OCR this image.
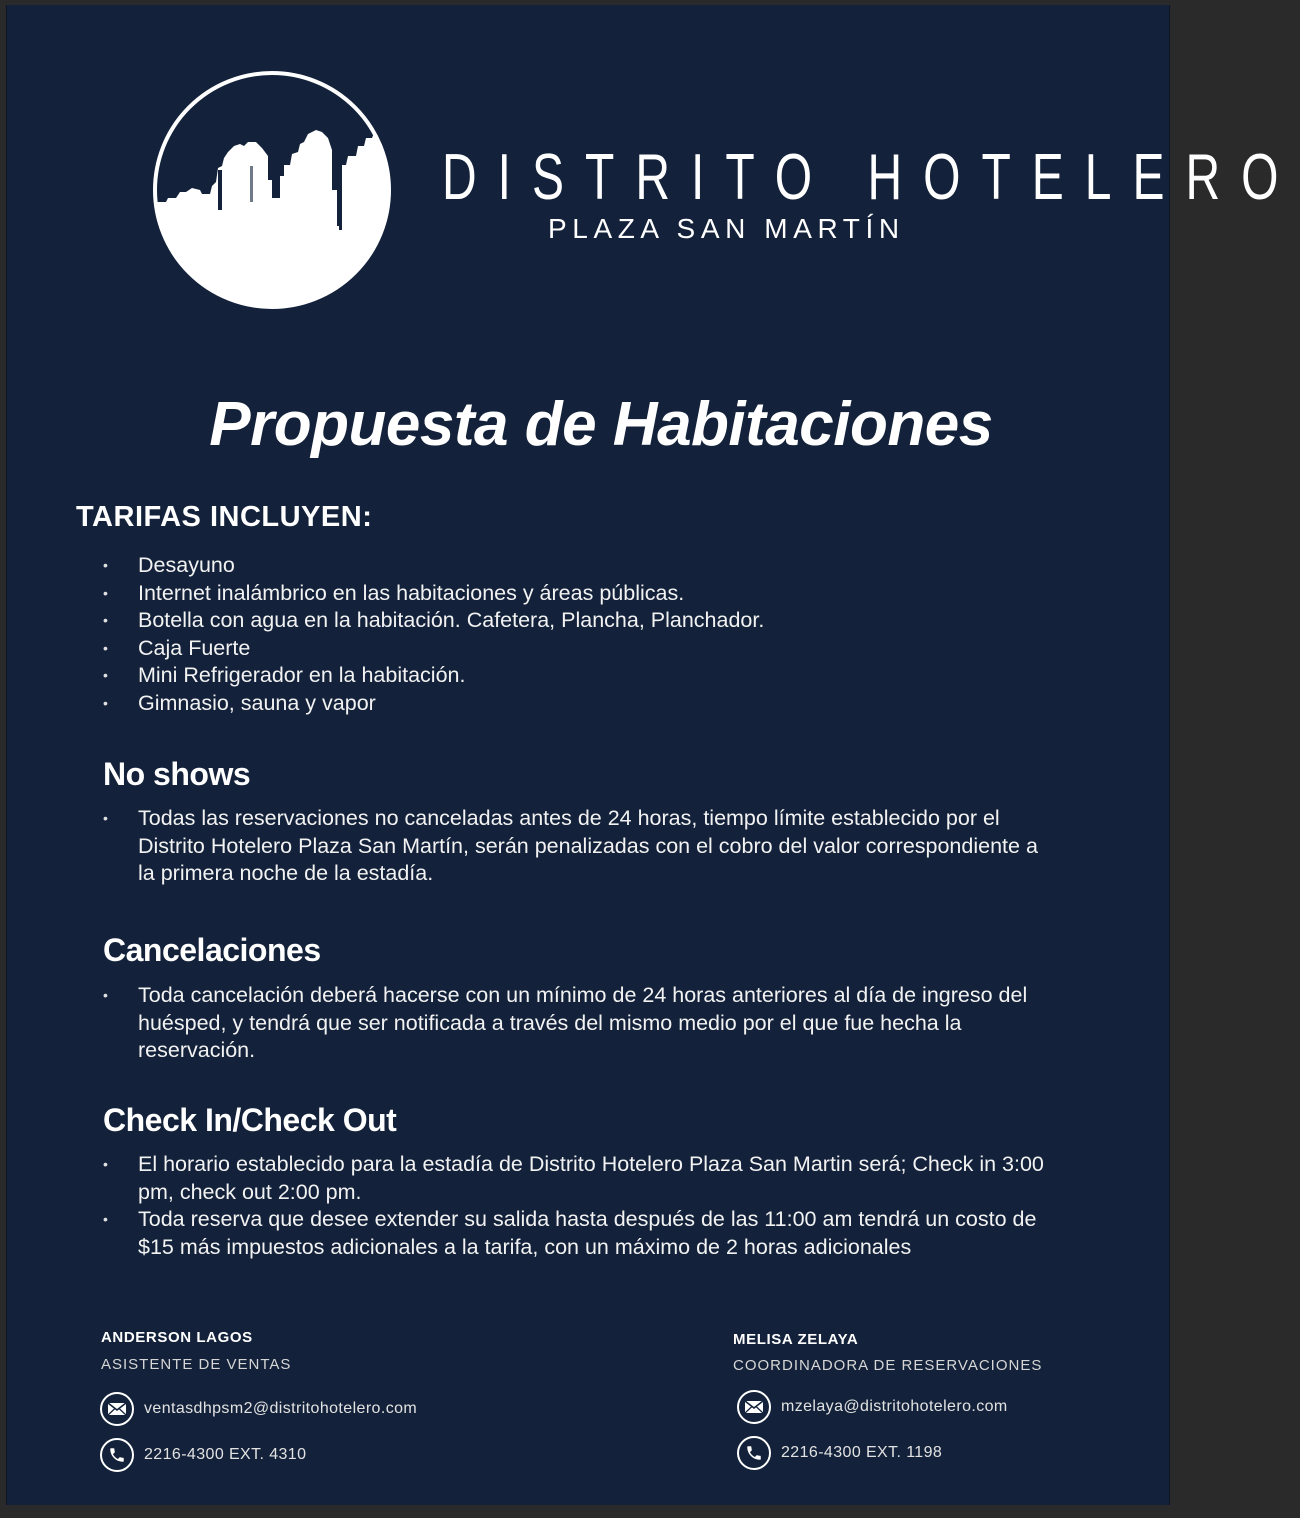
DISTRITO HOTELERO
PLAZA SAN MARTÍN
Propuesta de Habitaciones
TARIFAS INCLUYEN:
• Desayuno
• Internet inalámbrico en las habitaciones y áreas públicas.
• Botella con agua en la habitación. Cafetera, Plancha, Planchador.
• Caja Fuerte
• Mini Refrigerador en la habitación.
• Gimnasio, sauna y vapor
No shows
• Todas las reservaciones no canceladas antes de 24 horas, tiempo límite establecido por el Distrito Hotelero Plaza San Martín, serán penalizadas con el cobro del valor correspondiente a la primera noche de la estadía.
Cancelaciones
• Toda cancelación deberá hacerse con un mínimo de 24 horas anteriores al día de ingreso del huésped, y tendrá que ser notificada a través del mismo medio por el que fue hecha la reservación.
Check In/Check Out
• El horario establecido para la estadía de Distrito Hotelero Plaza San Martin será; Check in 3:00 pm, check out 2:00 pm.
• Toda reserva que desee extender su salida hasta después de las 11:00 am tendrá un costo de $15 más impuestos adicionales a la tarifa, con un máximo de 2 horas adicionales
ANDERSON LAGOS
ASISTENTE DE VENTAS
ventasdhpsm2@distritohotelero.com
2216-4300 EXT. 4310
MELISA ZELAYA
COORDINADORA DE RESERVACIONES
mzelaya@distritohotelero.com
2216-4300 EXT. 1198
